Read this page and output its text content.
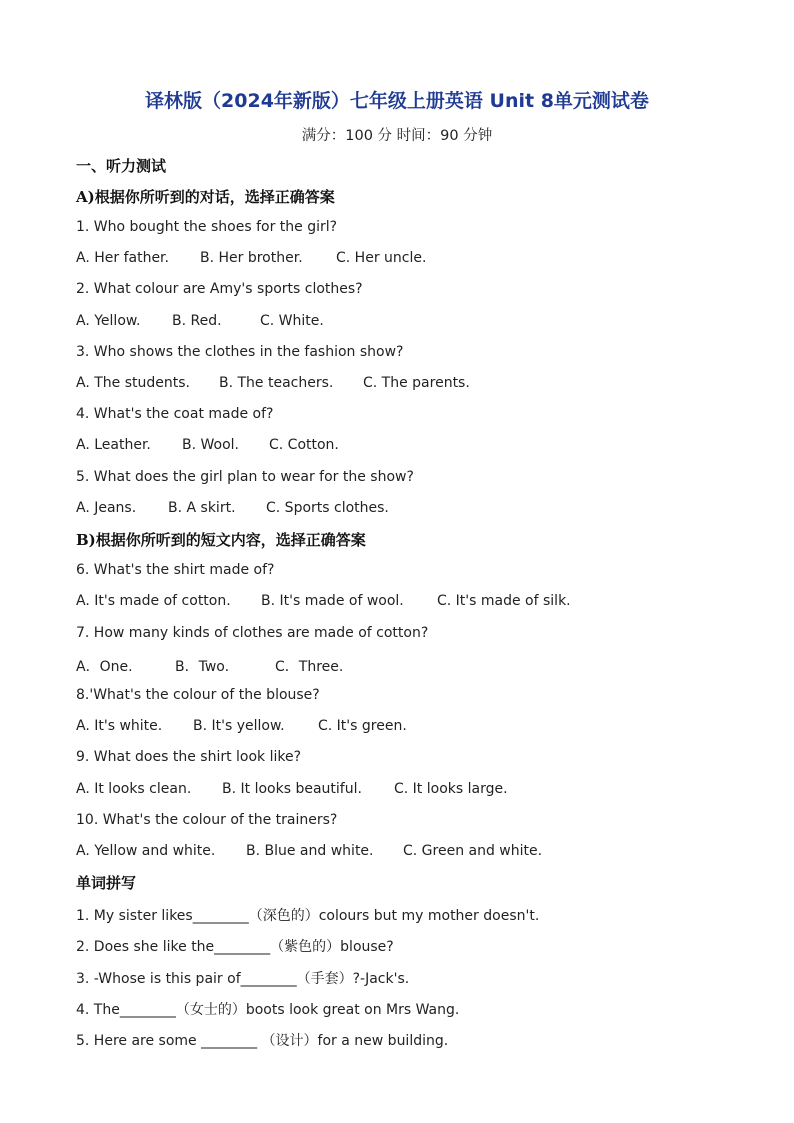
译林版（2024年新版）七年级上册英语 Unit 8单元测试卷
满分：100 分 时间：90 分钟
一、听力测试
A)根据你所听到的对话，选择正确答案
1. Who bought the shoes for the girl?
A. Her father. B. Her brother. C. Her uncle.
2. What colour are Amy's sports clothes?
A. Yellow. B. Red.	C. White.
3. Who shows the clothes in the fashion show?
A. The students. B. The teachers. C. The parents.
4. What's the coat made of?
A. Leather. B. Wool. C. Cotton.
5. What does the girl plan to wear for the show?
A. Jeans. B. A skirt. C. Sports clothes.
B)根据你所听到的短文内容，选择正确答案
6. What's the shirt made of?
A. It's made of cotton. B. It's made of wool. C. It's made of silk.
7. How many kinds of clothes are made of cotton?
A．One.	B．Two.	C．Three.
8.'What's the colour of the blouse?
A. It's white. B. It's yellow. C. It's green.
9. What does the shirt look like?
A. It looks clean. B. It looks beautiful. C. It looks large.
10. What's the colour of the trainers?
A. Yellow and white. B. Blue and white. C. Green and white.
单词拼写
1. My sister likes________（深色的）colours but my mother doesn't.
2. Does she like the________（紫色的）blouse?
3. -Whose is this pair of________（手套）?-Jack's.
4. The________（女士的）boots look great on Mrs Wang.
5. Here are some ________ （设计）for a new building.
